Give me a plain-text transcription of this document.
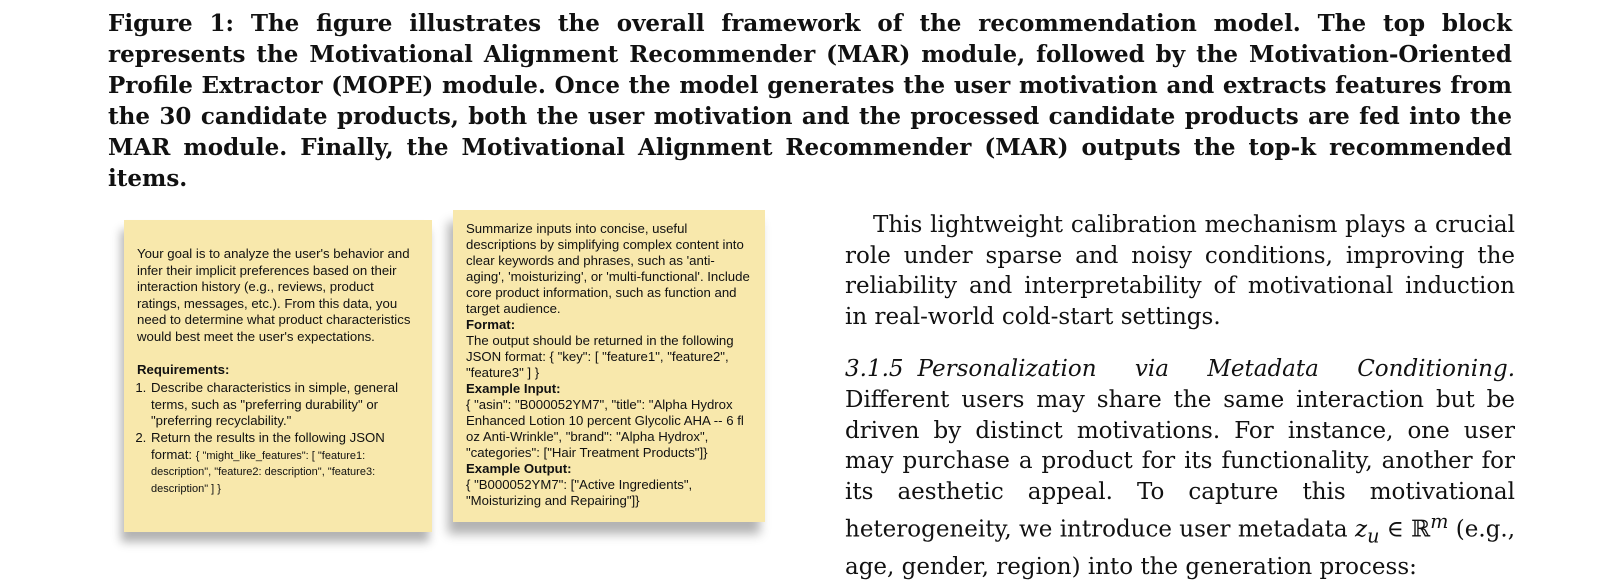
Figure 1: The figure illustrates the overall framework of the recommendation model. The top block represents the Motivational Alignment Recommender (MAR) module, followed by the Motivation-Oriented Profile Extractor (MOPE) module. Once the model generates the user motivation and extracts features from the 30 candidate products, both the user motivation and the processed candidate products are fed into the MAR module. Finally, the Motivational Alignment Recommender (MAR) outputs the top-k recommended items.

Your goal is to analyze the user's behavior and infer their implicit preferences based on their interaction history (e.g., reviews, product ratings, messages, etc.). From this data, you need to determine what product characteristics would best meet the user's expectations.

Requirements:

1. Describe characteristics in simple, general terms, such as "preferring durability" or "preferring recyclability."
2. Return the results in the following JSON format: { "might_like_features": [ "feature1: description", "feature2: description", "feature3: description" ] }

Summarize inputs into concise, useful descriptions by simplifying complex content into clear keywords and phrases, such as 'anti-aging', 'moisturizing', or 'multi-functional'. Include core product information, such as function and target audience.

Format:

The output should be returned in the following JSON format: { "key": [ "feature1", "feature2", "feature3" ] }

Example Input:

{ "asin": "B000052YM7", "title": "Alpha Hydrox Enhanced Lotion 10 percent Glycolic AHA -- 6 fl oz Anti-Wrinkle", "brand": "Alpha Hydrox", "categories": ["Hair Treatment Products"]}

Example Output:

{ "B000052YM7": ["Active Ingredients", "Moisturizing and Repairing"]}

This lightweight calibration mechanism plays a crucial role under sparse and noisy conditions, improving the reliability and interpretability of motivational induction in real-world cold-start settings.

3.1.5 Personalization via Metadata Conditioning. Different users may share the same interaction but be driven by distinct motivations. For instance, one user may purchase a product for its functionality, another for its aesthetic appeal. To capture this motivational heterogeneity, we introduce user metadata $z_u$ ∈ ℝ$^m$ (e.g., age, gender, region) into the generation process:
